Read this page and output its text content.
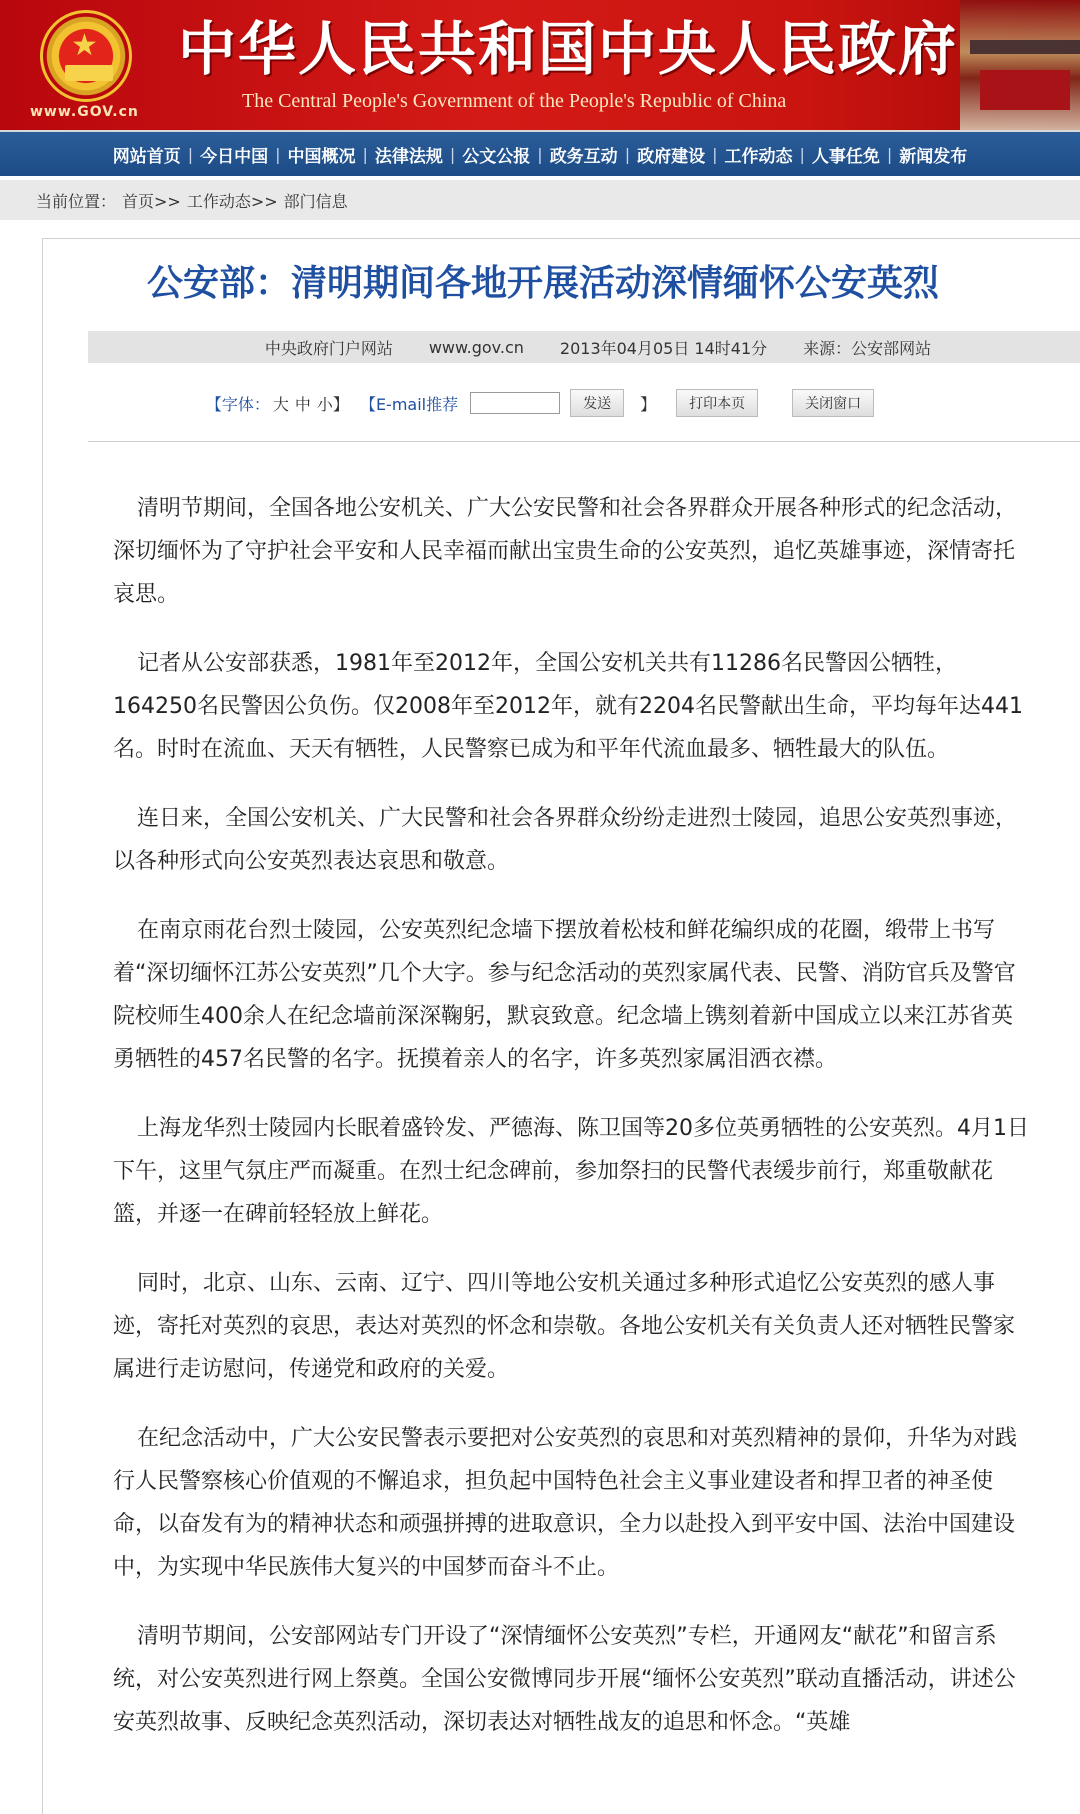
★
www.GOV.cn
中华人民共和国中央人民政府
The Central People's Government of the People's Republic of China
网站首页 | 今日中国 | 中国概况 | 法律法规 | 公文公报 | 政务互动 | 政府建设 | 工作动态 | 人事任免 | 新闻发布
当前位置： 首页>> 工作动态>> 部门信息
公安部：清明期间各地开展活动深情缅怀公安英烈
中央政府门户网站 www.gov.cn 2013年04月05日 14时41分 来源：公安部网站
【字体： 大 中 小】 【E-mail推荐	发送	】	打印本页	关闭窗口

清明节期间，全国各地公安机关、广大公安民警和社会各界群众开展各种形式的纪念活动，深切缅怀为了守护社会平安和人民幸福而献出宝贵生命的公安英烈，追忆英雄事迹，深情寄托哀思。

记者从公安部获悉，1981年至2012年，全国公安机关共有11286名民警因公牺牲，164250名民警因公负伤。仅2008年至2012年，就有2204名民警献出生命，平均每年达441名。时时在流血、天天有牺牲，人民警察已成为和平年代流血最多、牺牲最大的队伍。

连日来，全国公安机关、广大民警和社会各界群众纷纷走进烈士陵园，追思公安英烈事迹，以各种形式向公安英烈表达哀思和敬意。

在南京雨花台烈士陵园，公安英烈纪念墙下摆放着松枝和鲜花编织成的花圈，缎带上书写着“深切缅怀江苏公安英烈”几个大字。参与纪念活动的英烈家属代表、民警、消防官兵及警官院校师生400余人在纪念墙前深深鞠躬，默哀致意。纪念墙上镌刻着新中国成立以来江苏省英勇牺牲的457名民警的名字。抚摸着亲人的名字，许多英烈家属泪洒衣襟。

上海龙华烈士陵园内长眠着盛铃发、严德海、陈卫国等20多位英勇牺牲的公安英烈。4月1日下午，这里气氛庄严而凝重。在烈士纪念碑前，参加祭扫的民警代表缓步前行，郑重敬献花篮，并逐一在碑前轻轻放上鲜花。

同时，北京、山东、云南、辽宁、四川等地公安机关通过多种形式追忆公安英烈的感人事迹，寄托对英烈的哀思，表达对英烈的怀念和崇敬。各地公安机关有关负责人还对牺牲民警家属进行走访慰问，传递党和政府的关爱。

在纪念活动中，广大公安民警表示要把对公安英烈的哀思和对英烈精神的景仰，升华为对践行人民警察核心价值观的不懈追求，担负起中国特色社会主义事业建设者和捍卫者的神圣使命，以奋发有为的精神状态和顽强拼搏的进取意识，全力以赴投入到平安中国、法治中国建设中，为实现中华民族伟大复兴的中国梦而奋斗不止。

清明节期间，公安部网站专门开设了“深情缅怀公安英烈”专栏，开通网友“献花”和留言系统，对公安英烈进行网上祭奠。全国公安微博同步开展“缅怀公安英烈”联动直播活动，讲述公安英烈故事、反映纪念英烈活动，深切表达对牺牲战友的追思和怀念。“英雄
